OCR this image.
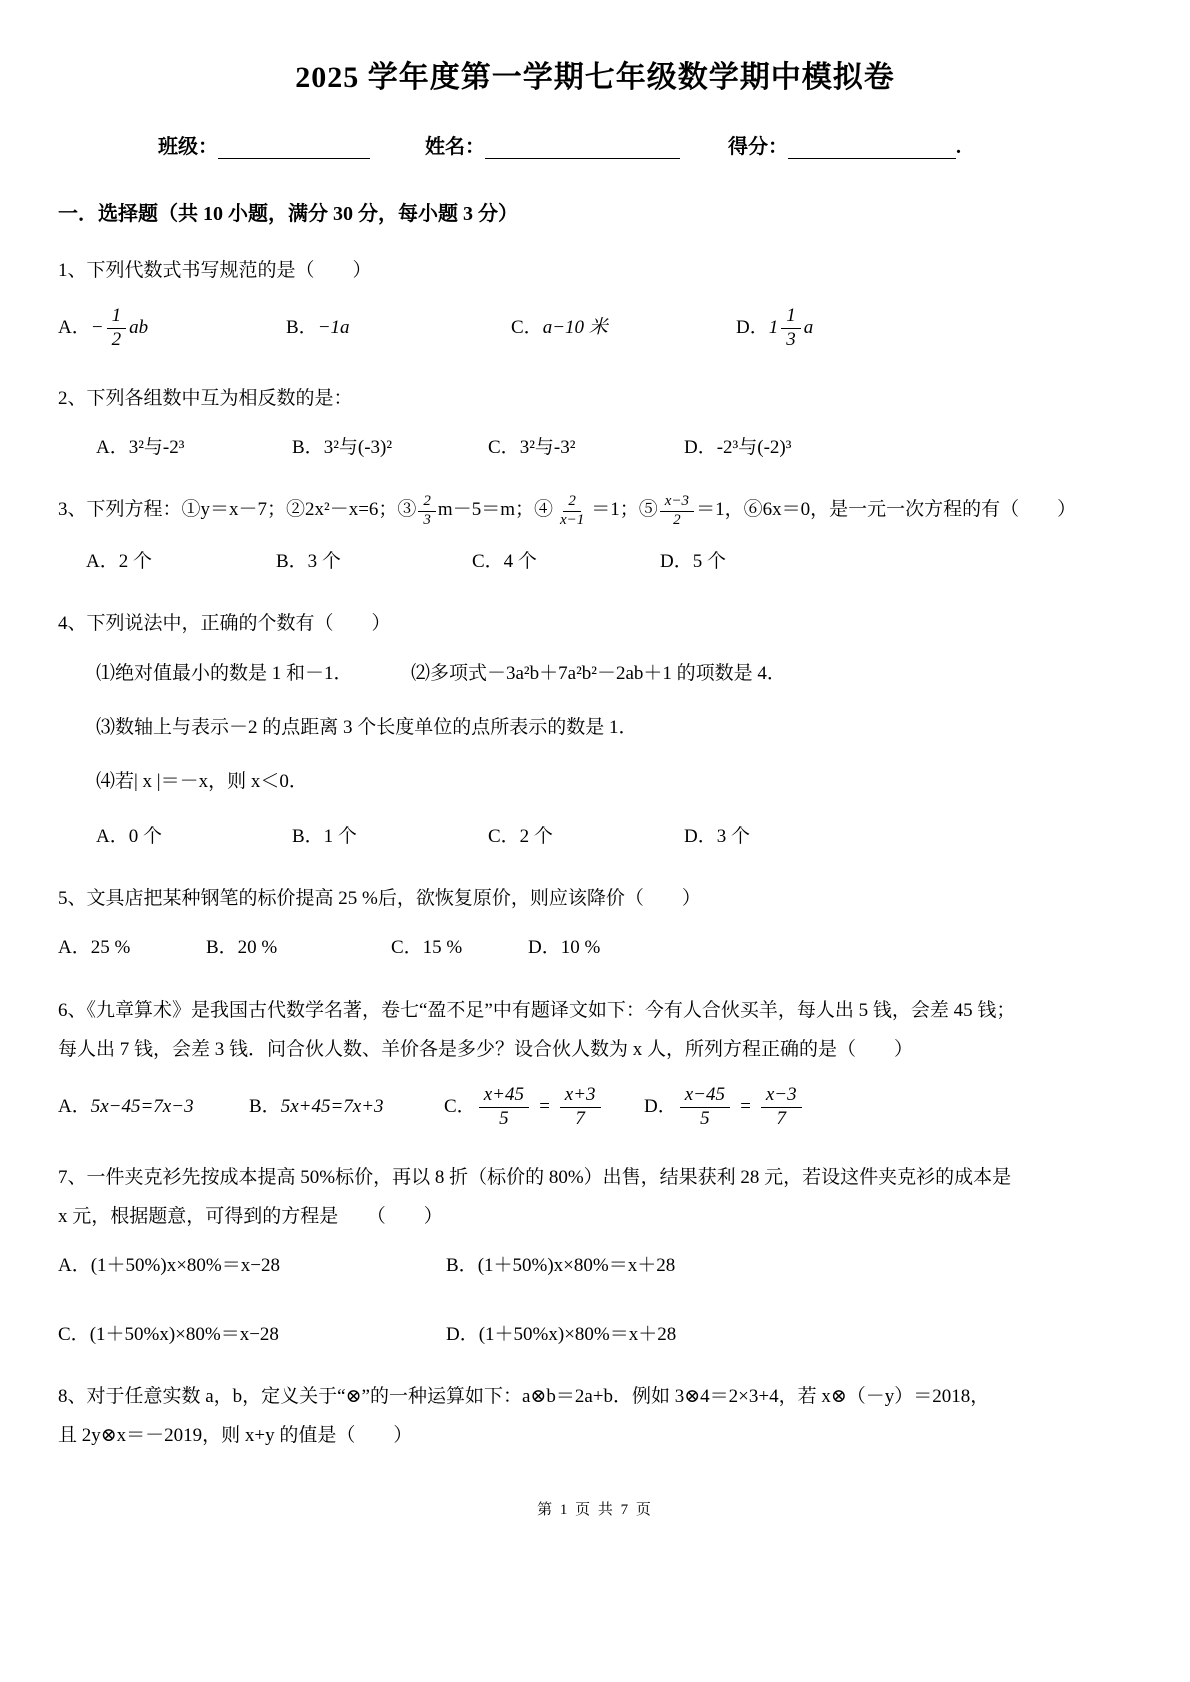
2025 学年度第一学期七年级数学期中模拟卷
班级：	姓名：	得分：	.
一．选择题（共 10 小题，满分 30 分，每小题 3 分）

1、下列代数式书写规范的是（　　）

A． − $\frac{1}{2}$ ab	B． −1a	C． a−10 米	D． $1 \frac{1}{3}$ a

2、下列各组数中互为相反数的是：

A． 3²与-2³	B． 3²与(-3)²	C． 3²与-3²	D． -2³与(-2)³

3、下列方程：①y＝x－7；②2x²－x=6；③ $\frac{2}{3} m-5=m$；④ $\frac{2}{x-1} =1$；⑤ $\frac{x-3}{2} =1$，⑥6x＝0，是一元一次方程的有（　　）

A．2 个	B．3 个	C．4 个	D．5 个

4、下列说法中，正确的个数有（　　）

⑴绝对值最小的数是 1 和－1．	⑵多项式－3a²b＋7a²b²－2ab＋1 的项数是 4．
⑶数轴上与表示－2 的点距离 3 个长度单位的点所表示的数是 1．
⑷若| x |＝－x，则 x＜0．
A．0 个	B．1 个	C．2 个	D．3 个

5、文具店把某种钢笔的标价提高 25 %后，欲恢复原价，则应该降价（　　）

A．25 %	B．20 %	C．15 %	D．10 %

6、《九章算术》是我国古代数学名著，卷七“盈不足”中有题译文如下：今有人合伙买羊，每人出 5 钱，会差 45 钱；

每人出 7 钱，会差 3 钱．问合伙人数、羊价各是多少？设合伙人数为 x 人，所列方程正确的是（　　）

A． 5x−45=7x−3	B． 5x+45=7x+3	C． $\frac{x+45}{5} = \frac{x+3}{7}$ D． $\frac{x-45}{5} = \frac{x-3}{7}$

7、一件夹克衫先按成本提高 50%标价，再以 8 折（标价的 80%）出售，结果获利 28 元，若设这件夹克衫的成本是

x 元，根据题意，可得到的方程是　　（　　）

A． (1＋50%)x×80%＝x−28	B． (1＋50%)x×80%＝x＋28
C． (1＋50%x)×80%＝x−28	D． (1＋50%x)×80%＝x＋28

8、对于任意实数 a，b，定义关于“⊗”的一种运算如下：a⊗b＝2a+b．例如 3⊗4＝2×3+4，若 x⊗（－y）＝2018，

且 2y⊗x＝－2019，则 x+y 的值是（　　）

第 1 页 共 7 页
